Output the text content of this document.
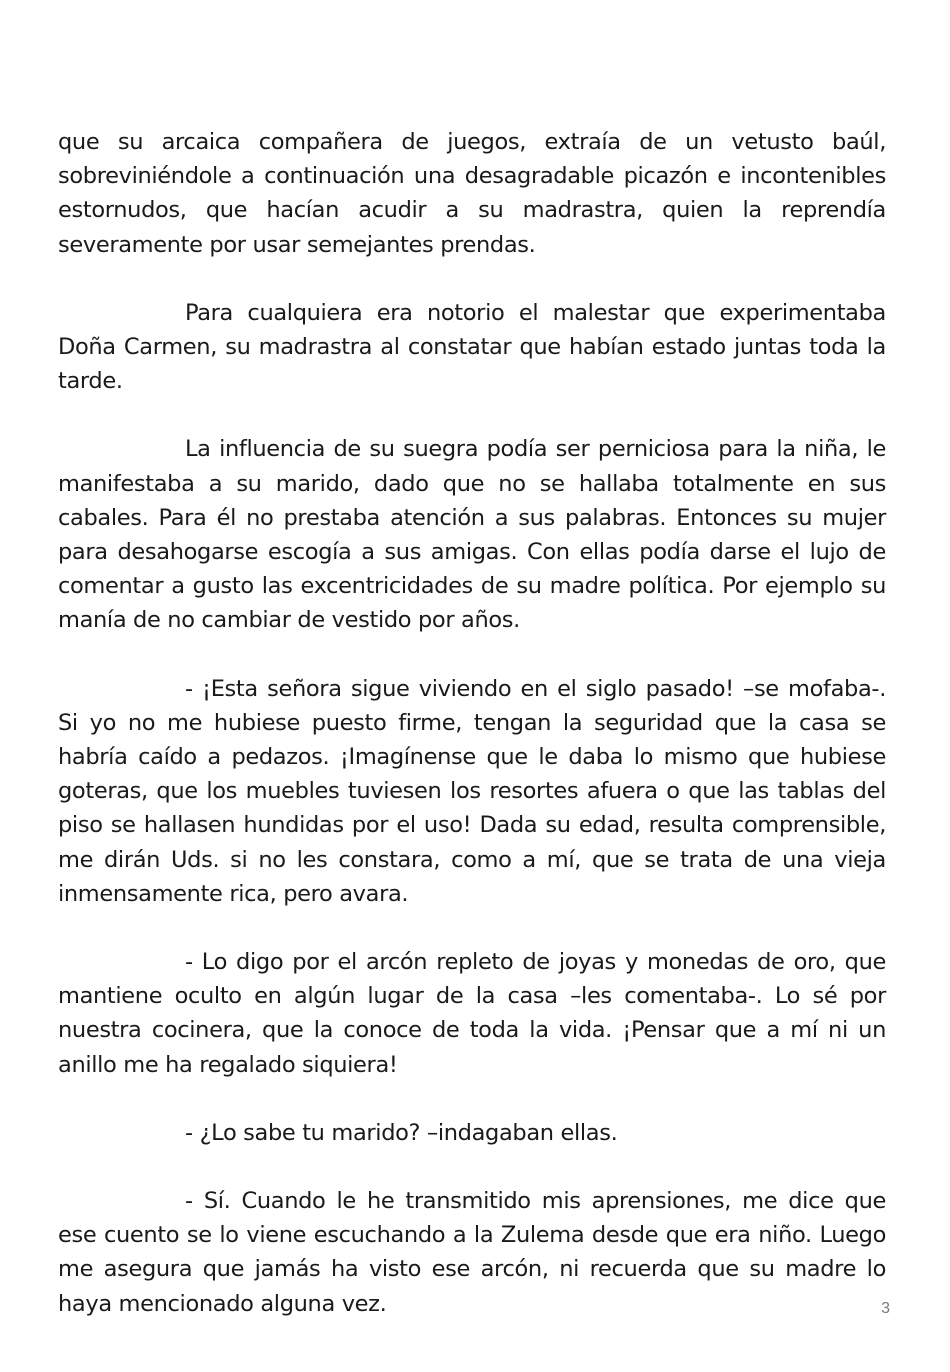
que su arcaica compañera de juegos, extraía de un vetusto baúl, sobreviniéndole a continuación una desagradable picazón e incontenibles estornudos, que hacían acudir a su madrastra, quien la reprendía severamente por usar semejantes prendas.

Para cualquiera era notorio el malestar que experimentaba Doña Carmen, su madrastra al constatar que habían estado juntas toda la tarde.

La influencia de su suegra podía ser perniciosa para la niña, le manifestaba a su marido, dado que no se hallaba totalmente en sus cabales. Para él no prestaba atención a sus palabras. Entonces su mujer para desahogarse escogía a sus amigas. Con ellas podía darse el lujo de comentar a gusto las excentricidades de su madre política. Por ejemplo su manía de no cambiar de vestido por años.

- ¡Esta señora sigue viviendo en el siglo pasado! –se mofaba-. Si yo no me hubiese puesto firme, tengan la seguridad que la casa se habría caído a pedazos. ¡Imagínense que le daba lo mismo que hubiese goteras, que los muebles tuviesen los resortes afuera o que las tablas del piso se hallasen hundidas por el uso! Dada su edad, resulta comprensible, me dirán Uds. si no les constara, como a mí, que se trata de una vieja inmensamente rica, pero avara.

- Lo digo por el arcón repleto de joyas y monedas de oro, que mantiene oculto en algún lugar de la casa –les comentaba-. Lo sé por nuestra cocinera, que la conoce de toda la vida. ¡Pensar que a mí ni un anillo me ha regalado siquiera!

- ¿Lo sabe tu marido? –indagaban ellas.

- Sí. Cuando le he transmitido mis aprensiones, me dice que ese cuento se lo viene escuchando a la Zulema desde que era niño. Luego me asegura que jamás ha visto ese arcón, ni recuerda que su madre lo haya mencionado alguna vez.	3
